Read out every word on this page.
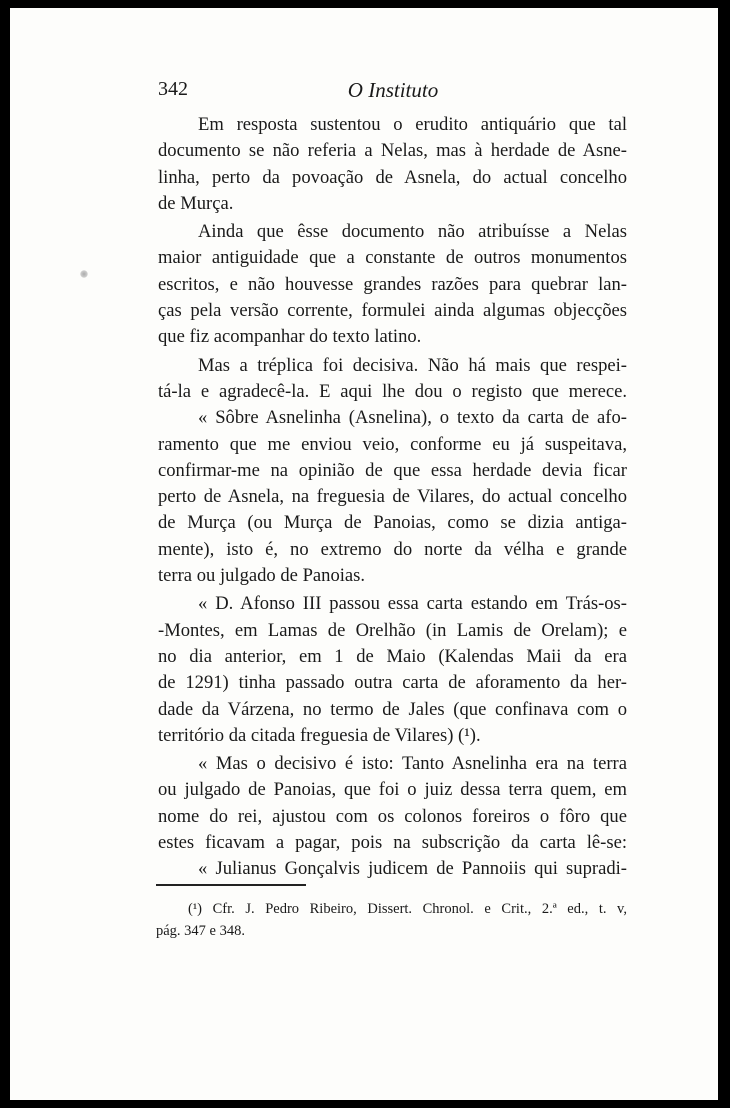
342	O Instituto
Em resposta sustentou o erudito antiquário que tal
documento se não referia a Nelas, mas à herdade de Asne-
linha, perto da povoação de Asnela, do actual concelho
de Murça.
Ainda que êsse documento não atribuísse a Nelas
maior antiguidade que a constante de outros monumentos
escritos, e não houvesse grandes razões para quebrar lan-
ças pela versão corrente, formulei ainda algumas objecções
que fiz acompanhar do texto latino.
Mas a tréplica foi decisiva. Não há mais que respei-
tá-la e agradecê-la. E aqui lhe dou o registo que merece.
« Sôbre Asnelinha (Asnelina), o texto da carta de afo-
ramento que me enviou veio, conforme eu já suspeitava,
confirmar-me na opinião de que essa herdade devia ficar
perto de Asnela, na freguesia de Vilares, do actual concelho
de Murça (ou Murça de Panoias, como se dizia antiga-
mente), isto é, no extremo do norte da vélha e grande
terra ou julgado de Panoias.
« D. Afonso III passou essa carta estando em Trás-os-
-Montes, em Lamas de Orelhão (in Lamis de Orelam); e
no dia anterior, em 1 de Maio (Kalendas Maii da era
de 1291) tinha passado outra carta de aforamento da her-
dade da Várzena, no termo de Jales (que confinava com o
território da citada freguesia de Vilares) (¹).
« Mas o decisivo é isto: Tanto Asnelinha era na terra
ou julgado de Panoias, que foi o juiz dessa terra quem, em
nome do rei, ajustou com os colonos foreiros o fôro que
estes ficavam a pagar, pois na subscrição da carta lê-se:
« Julianus Gonçalvis judicem de Pannoiis qui supradi-
(¹) Cfr. J. Pedro Ribeiro, Dissert. Chronol. e Crit., 2.ª ed., t. v,
pág. 347 e 348.
